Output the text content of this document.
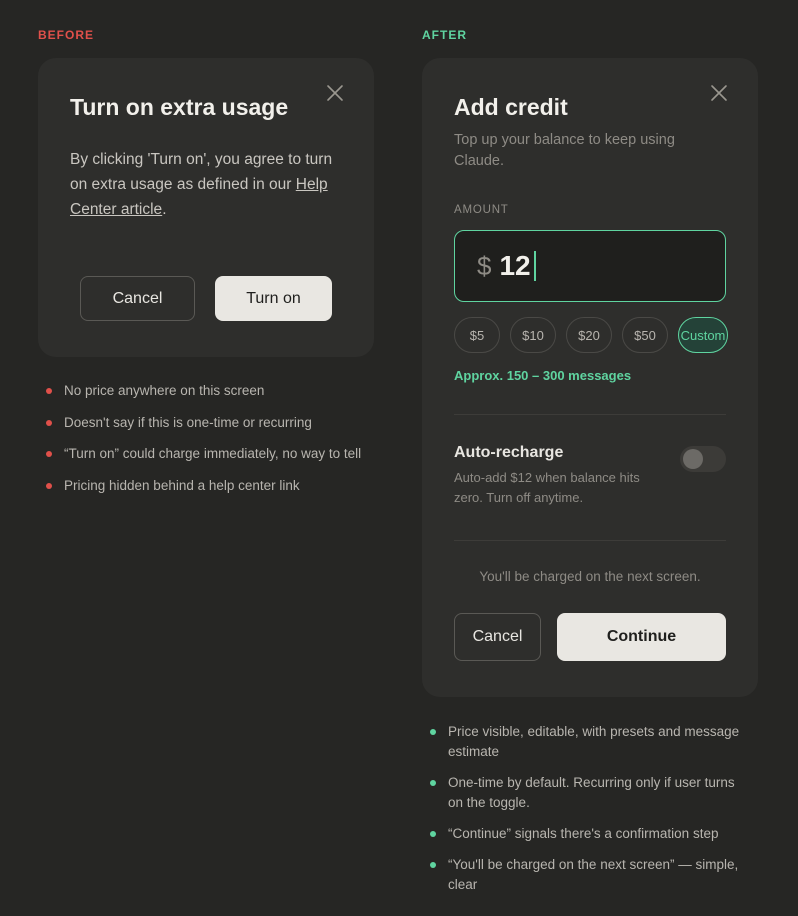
BEFORE
Turn on extra usage
By clicking 'Turn on', you agree to turn on extra usage as defined in our Help Center article.
Cancel	Turn on
No price anywhere on this screen
Doesn't say if this is one-time or recurring
“Turn on” could charge immediately, no way to tell
Pricing hidden behind a help center link
AFTER
Add credit
Top up your balance to keep using Claude.
AMOUNT
$ 12
$5	$10	$20	$50	Custom
Approx. 150 – 300 messages
Auto-recharge
Auto-add $12 when balance hits zero. Turn off anytime.
You'll be charged on the next screen.
Cancel	Continue
Price visible, editable, with presets and message estimate
One-time by default. Recurring only if user turns on the toggle.
“Continue” signals there's a confirmation step
“You'll be charged on the next screen” — simple, clear
